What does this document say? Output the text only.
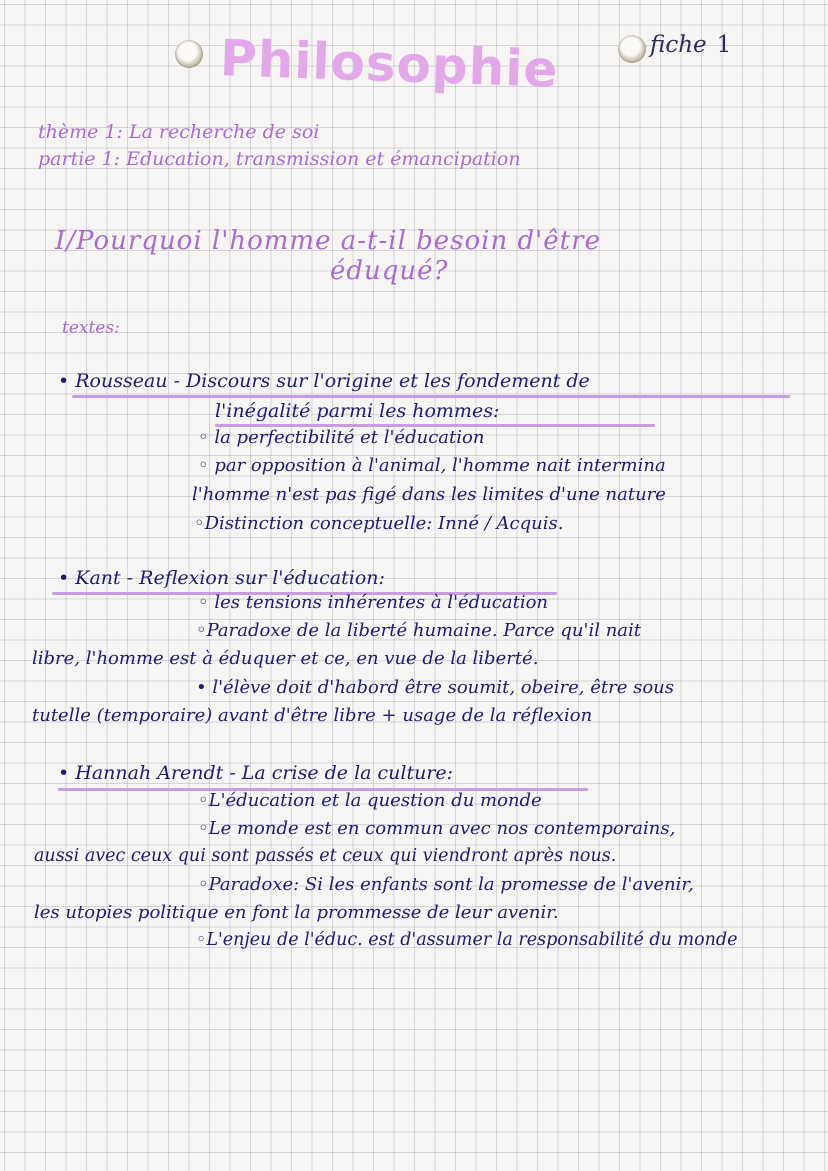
Philosophie	fiche 1
thème 1: La recherche de soi
partie 1: Education, transmission et émancipation
I/Pourquoi l'homme a-t-il besoin d'être
éduqué?
textes:
• Rousseau - Discours sur l'origine et les fondement de
l'inégalité parmi les hommes:
◦ la perfectibilité et l'éducation
◦ par opposition à l'animal, l'homme nait intermina
l'homme n'est pas figé dans les limites d'une nature
◦Distinction conceptuelle: Inné / Acquis.
• Kant - Reflexion sur l'éducation:
◦ les tensions inhérentes à l'éducation
◦Paradoxe de la liberté humaine. Parce qu'il nait
libre, l'homme est à éduquer et ce, en vue de la liberté.
• l'élève doit d'habord être soumit, obeire, être sous
tutelle (temporaire) avant d'être libre + usage de la réflexion
• Hannah Arendt - La crise de la culture:
◦L'éducation et la question du monde
◦Le monde est en commun avec nos contemporains,
aussi avec ceux qui sont passés et ceux qui viendront après nous.
◦Paradoxe: Si les enfants sont la promesse de l'avenir,
les utopies politique en font la prommesse de leur avenir.
◦L'enjeu de l'éduc. est d'assumer la responsabilité du monde
